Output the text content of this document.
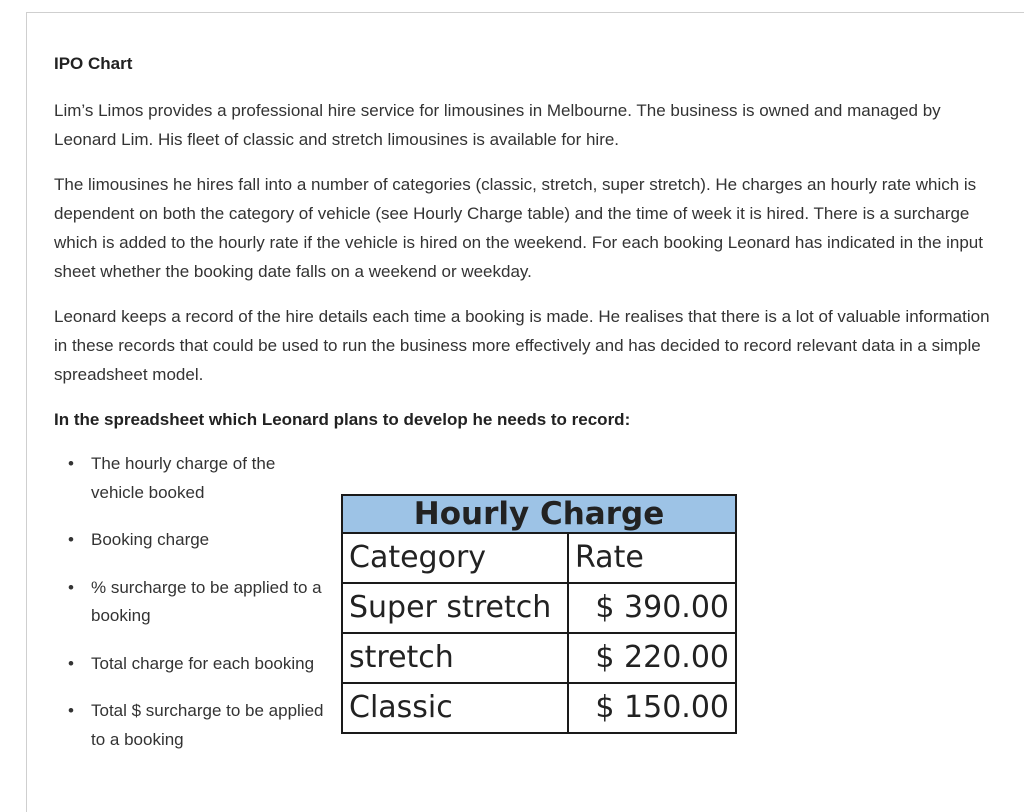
IPO Chart

Lim’s Limos provides a professional hire service for limousines in Melbourne. The business is owned and managed by Leonard Lim. His fleet of classic and stretch limousines is available for hire.

The limousines he hires fall into a number of categories (classic, stretch, super stretch). He charges an hourly rate which is dependent on both the category of vehicle (see Hourly Charge table) and the time of week it is hired. There is a surcharge which is added to the hourly rate if the vehicle is hired on the weekend. For each booking Leonard has indicated in the input sheet whether the booking date falls on a weekend or weekday.

Leonard keeps a record of the hire details each time a booking is made. He realises that there is a lot of valuable information in these records that could be used to run the business more effectively and has decided to record relevant data in a simple spreadsheet model.

In the spreadsheet which Leonard plans to develop he needs to record:

• The hourly charge of the vehicle booked
• Booking charge
• % surcharge to be applied to a booking
• Total charge for each booking
• Total $ surcharge to be applied to a booking
Hourly Charge	
Category	Rate
Super stretch	$ 390.00
stretch	$ 220.00
Classic	$ 150.00
